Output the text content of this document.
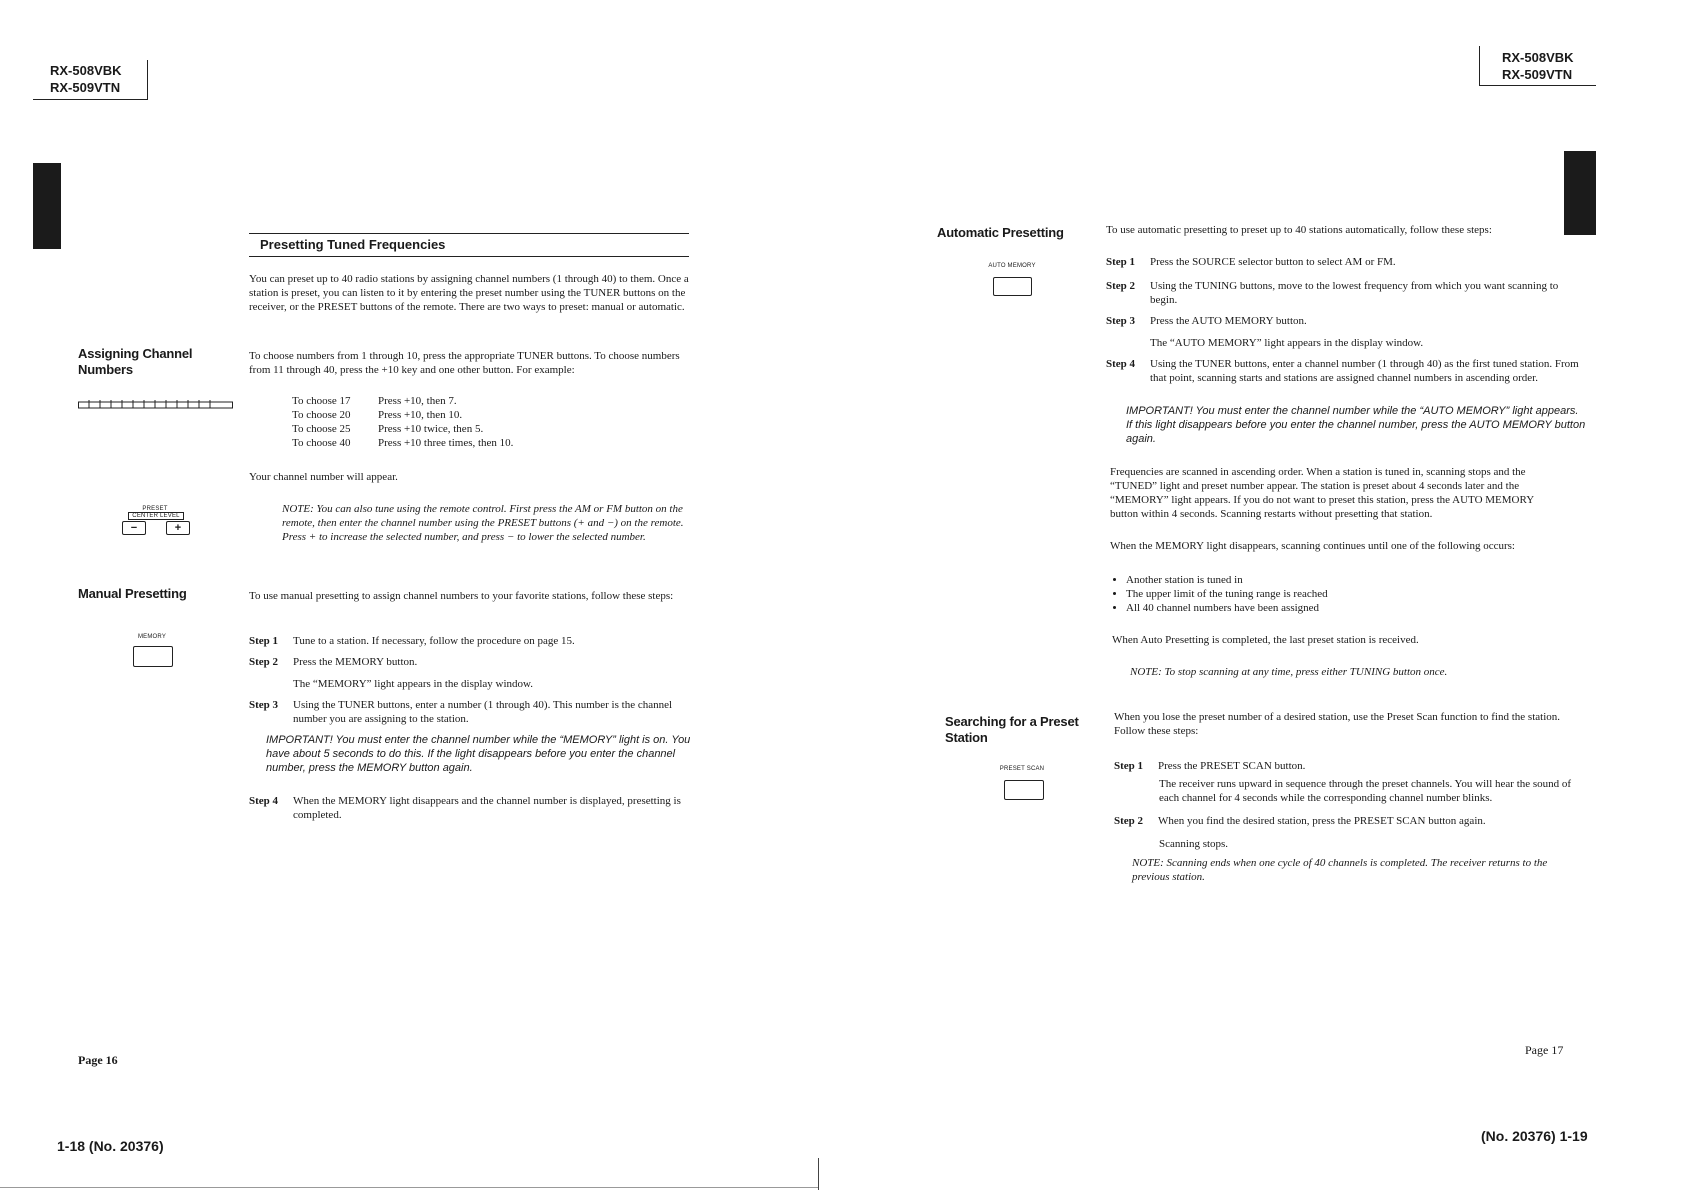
RX-508VBK
RX-509VTN
Presetting Tuned Frequencies
You can preset up to 40 radio stations by assigning channel numbers (1 through 40) to them. Once a station is preset, you can listen to it by entering the preset number using the TUNER buttons on the receiver, or the PRESET buttons of the remote. There are two ways to preset: manual or automatic.
Assigning Channel Numbers
To choose numbers from 1 through 10, press the appropriate TUNER buttons. To choose numbers from 11 through 40, press the +10 key and one other button. For example:
To choose 17	Press +10, then 7.
To choose 20	Press +10, then 10.
To choose 25	Press +10 twice, then 5.
To choose 40	Press +10 three times, then 10.
Your channel number will appear.
PRESET
CENTER LEVEL
−	+
NOTE: You can also tune using the remote control. First press the AM or FM button on the remote, then enter the channel number using the PRESET buttons (+ and −) on the remote. Press + to increase the selected number, and press − to lower the selected number.
Manual Presetting
MEMORY
To use manual presetting to assign channel numbers to your favorite stations, follow these steps:
Step 1 Tune to a station. If necessary, follow the procedure on page 15.
Step 2 Press the MEMORY button.
The “MEMORY” light appears in the display window.
Step 3	Using the TUNER buttons, enter a number (1 through 40). This number is the channel number you are assigning to the station.
IMPORTANT! You must enter the channel number while the “MEMORY” light is on. You have about 5 seconds to do this. If the light disappears before you enter the channel number, press the MEMORY button again.
Step 4	When the MEMORY light disappears and the channel number is displayed, presetting is completed.
Page 16
1-18 (No. 20376)
RX-508VBK
RX-509VTN
Automatic Presetting
AUTO MEMORY
To use automatic presetting to preset up to 40 stations automatically, follow these steps:
Step 1	Press the SOURCE selector button to select AM or FM.
Step 2	Using the TUNING buttons, move to the lowest frequency from which you want scanning to begin.
Step 3	Press the AUTO MEMORY button.
The “AUTO MEMORY” light appears in the display window.
Step 4	Using the TUNER buttons, enter a channel number (1 through 40) as the first tuned station. From that point, scanning starts and stations are assigned channel numbers in ascending order.
IMPORTANT! You must enter the channel number while the “AUTO MEMORY” light appears. If this light disappears before you enter the channel number, press the AUTO MEMORY button again.
Frequencies are scanned in ascending order. When a station is tuned in, scanning stops and the “TUNED” light and preset number appear. The station is preset about 4 seconds later and the “MEMORY” light appears. If you do not want to preset this station, press the AUTO MEMORY button within 4 seconds. Scanning restarts without presetting that station.
When the MEMORY light disappears, scanning continues until one of the following occurs:
• Another station is tuned in
• The upper limit of the tuning range is reached
• All 40 channel numbers have been assigned
When Auto Presetting is completed, the last preset station is received.
NOTE: To stop scanning at any time, press either TUNING button once.
Searching for a Preset Station
PRESET SCAN
When you lose the preset number of a desired station, use the Preset Scan function to find the station. Follow these steps:
Step 1	Press the PRESET SCAN button.
The receiver runs upward in sequence through the preset channels. You will hear the sound of each channel for 4 seconds while the corresponding channel number blinks.
Step 2	When you find the desired station, press the PRESET SCAN button again.
Scanning stops.
NOTE: Scanning ends when one cycle of 40 channels is completed. The receiver returns to the previous station.
Page 17
(No. 20376) 1-19
